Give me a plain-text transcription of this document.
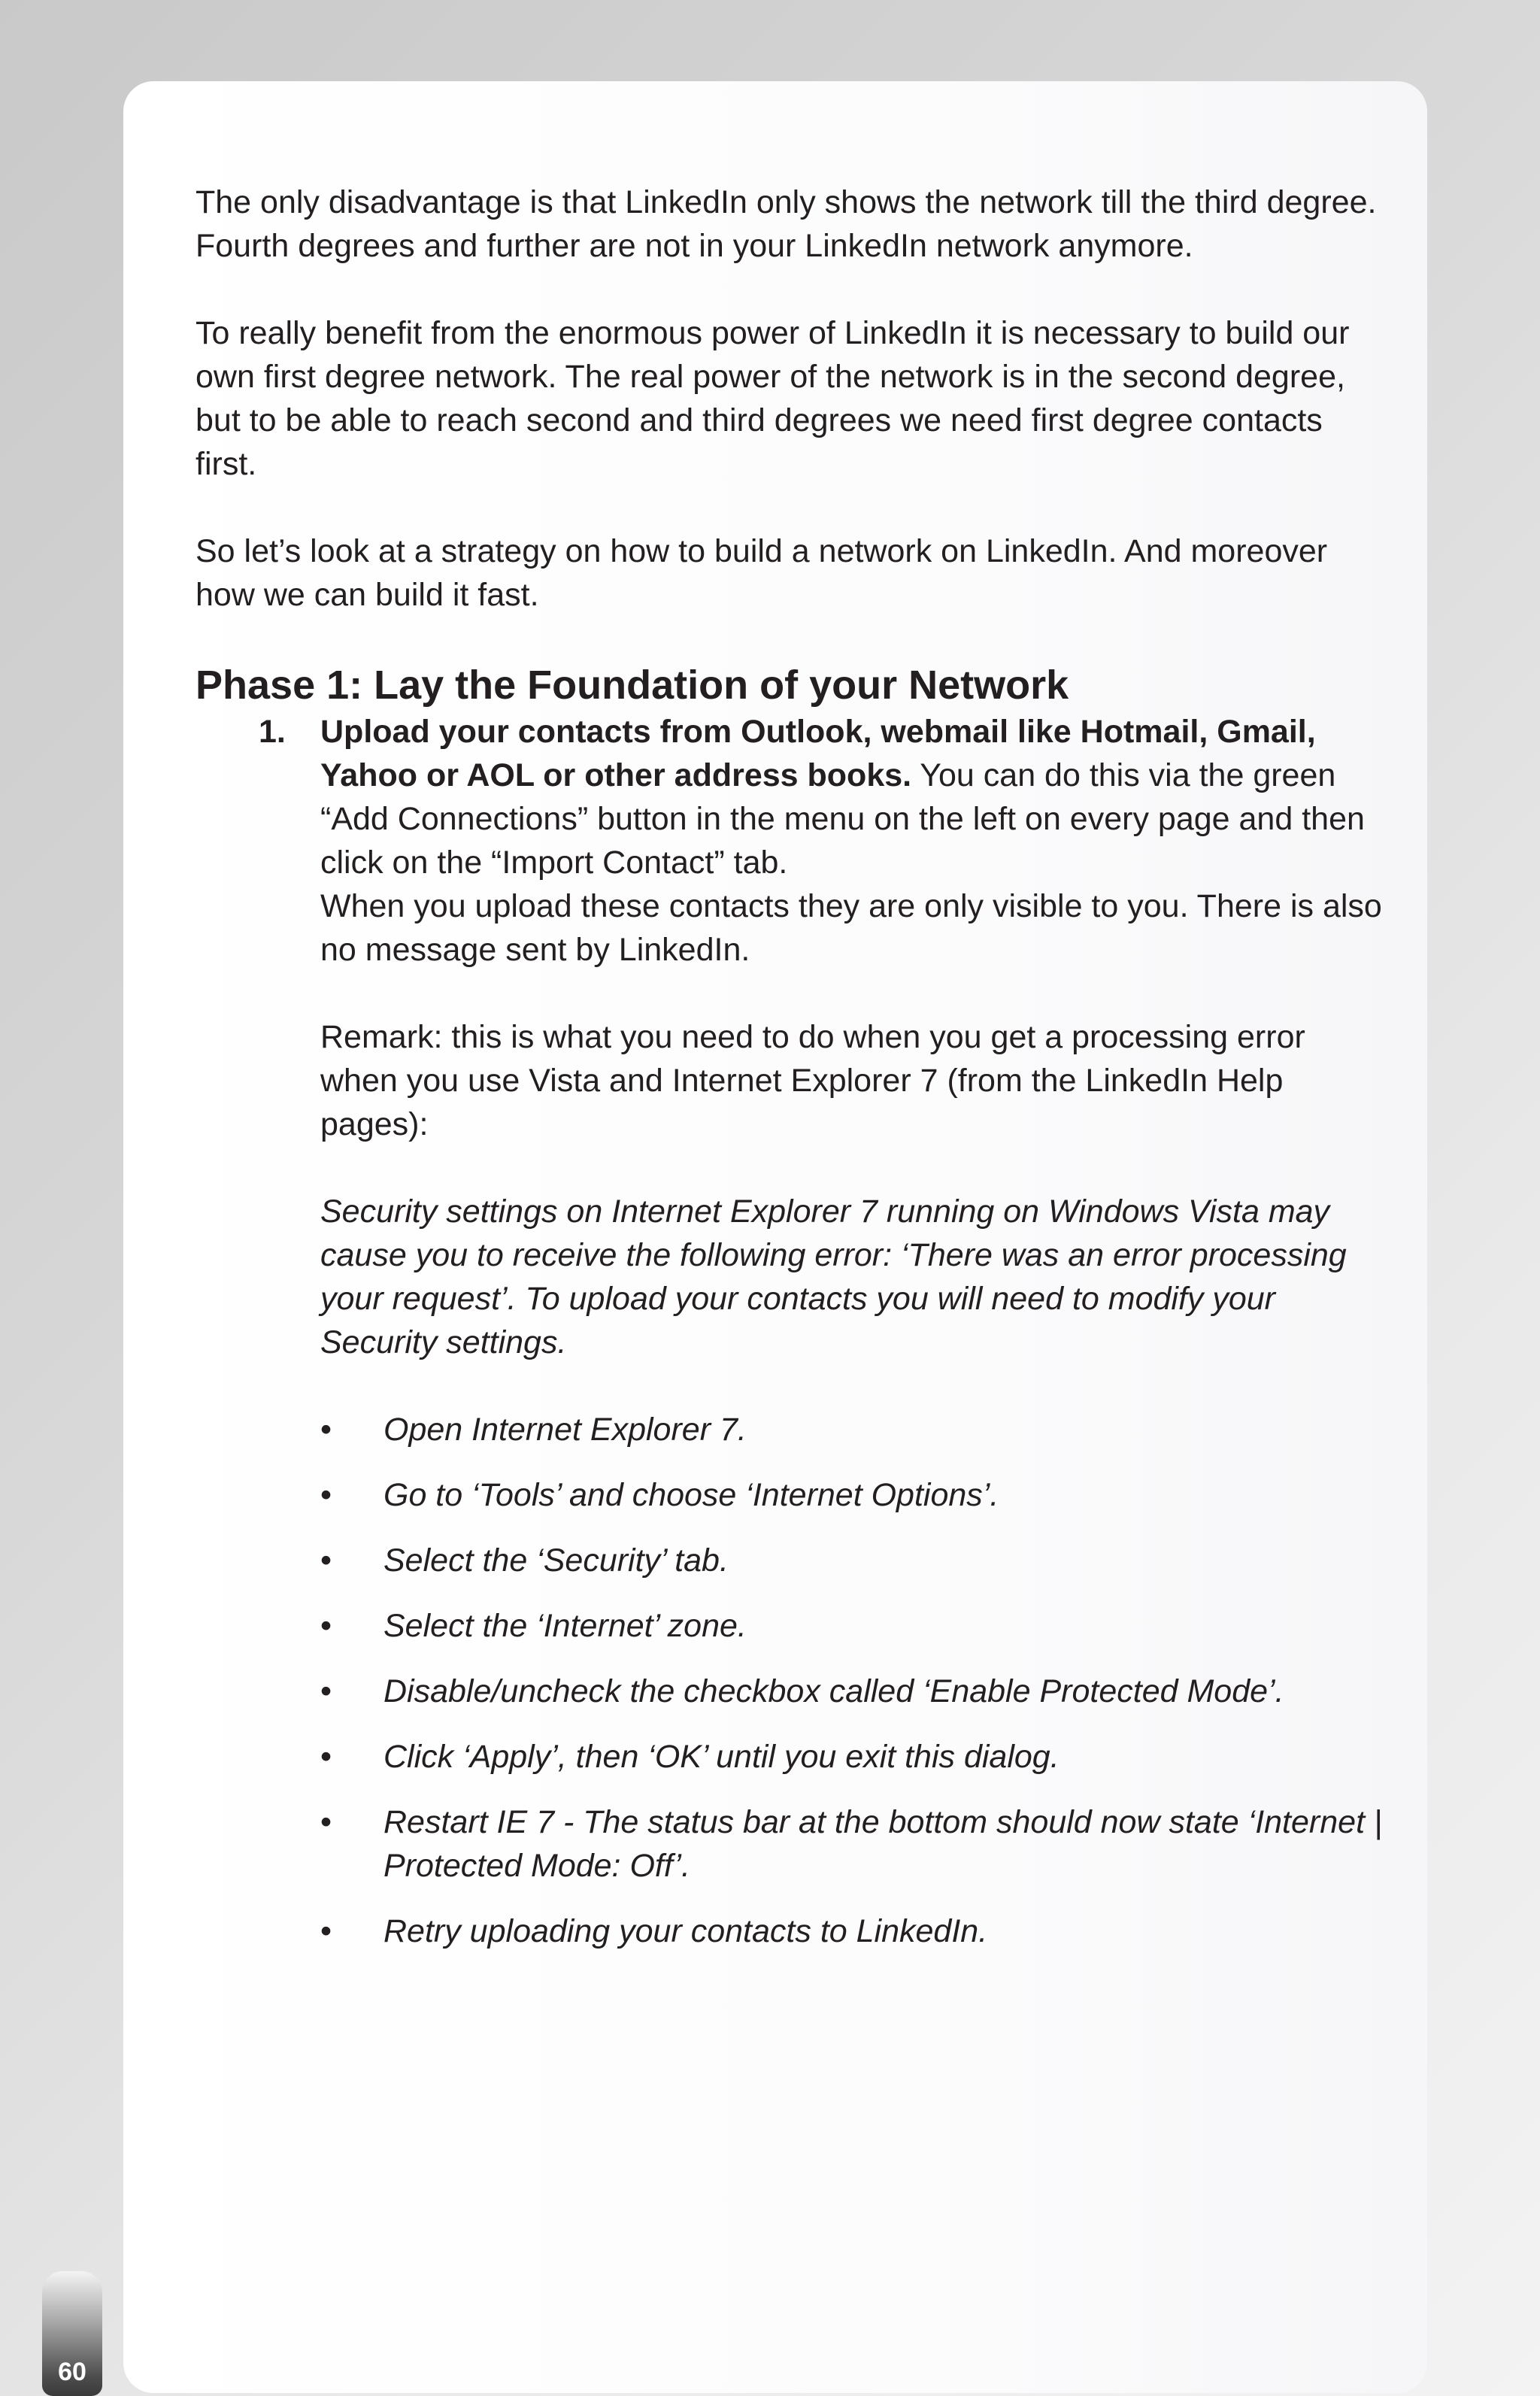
The only disadvantage is that LinkedIn only shows the network till the third degree. Fourth degrees and further are not in your LinkedIn network anymore.

To really benefit from the enormous power of LinkedIn it is necessary to build our own first degree network. The real power of the network is in the second degree, but to be able to reach second and third degrees we need first degree contacts first.

So let’s look at a strategy on how to build a network on LinkedIn. And moreover how we can build it fast.

Phase 1: Lay the Foundation of your Network

1. Upload your contacts from Outlook, webmail like Hotmail, Gmail, Yahoo or AOL or other address books. You can do this via the green “Add Connections” button in the menu on the left on every page and then click on the “Import Contact” tab.

When you upload these contacts they are only visible to you. There is also no message sent by LinkedIn.

Remark: this is what you need to do when you get a processing error when you use Vista and Internet Explorer 7 (from the LinkedIn Help pages):

Security settings on Internet Explorer 7 running on Windows Vista may cause you to receive the following error: ‘There was an error processing your request’. To upload your contacts you will need to modify your Security settings.

• Open Internet Explorer 7.
• Go to ‘Tools’ and choose ‘Internet Options’.
• Select the ‘Security’ tab.
• Select the ‘Internet’ zone.
• Disable/uncheck the checkbox called ‘Enable Protected Mode’.
• Click ‘Apply’, then ‘OK’ until you exit this dialog.
• Restart IE 7 - The status bar at the bottom should now state ‘Internet | Protected Mode: Off’.
• Retry uploading your contacts to LinkedIn.
60
